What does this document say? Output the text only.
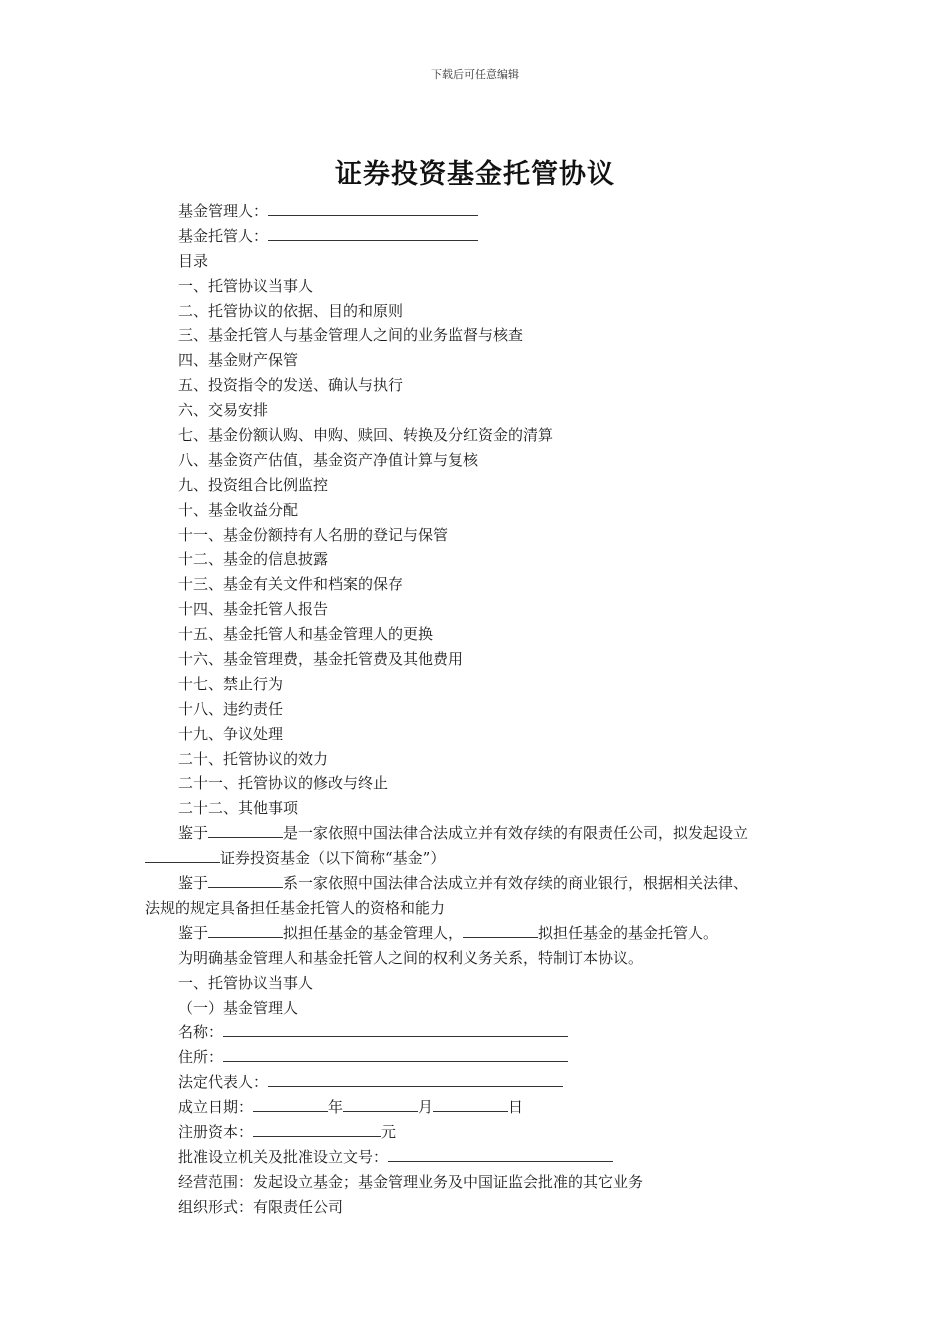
下载后可任意编辑
证券投资基金托管协议
基金管理人：
基金托管人：
目录
一、托管协议当事人
二、托管协议的依据、目的和原则
三、基金托管人与基金管理人之间的业务监督与核查
四、基金财产保管
五、投资指令的发送、确认与执行
六、交易安排
七、基金份额认购、申购、赎回、转换及分红资金的清算
八、基金资产估值，基金资产净值计算与复核
九、投资组合比例监控
十、基金收益分配
十一、基金份额持有人名册的登记与保管
十二、基金的信息披露
十三、基金有关文件和档案的保存
十四、基金托管人报告
十五、基金托管人和基金管理人的更换
十六、基金管理费，基金托管费及其他费用
十七、禁止行为
十八、违约责任
十九、争议处理
二十、托管协议的效力
二十一、托管协议的修改与终止
二十二、其他事项
鉴于	是一家依照中国法律合法成立并有效存续的有限责任公司，拟发起设立
证券投资基金（以下简称“基金”）
鉴于	系一家依照中国法律合法成立并有效存续的商业银行，根据相关法律、
法规的规定具备担任基金托管人的资格和能力
鉴于	拟担任基金的基金管理人，	拟担任基金的基金托管人。
为明确基金管理人和基金托管人之间的权利义务关系，特制订本协议。
一、托管协议当事人
（一）基金管理人
名称：
住所：
法定代表人：
成立日期：	年	月	日
注册资本：	元
批准设立机关及批准设立文号：
经营范围：发起设立基金；基金管理业务及中国证监会批准的其它业务
组织形式：有限责任公司
